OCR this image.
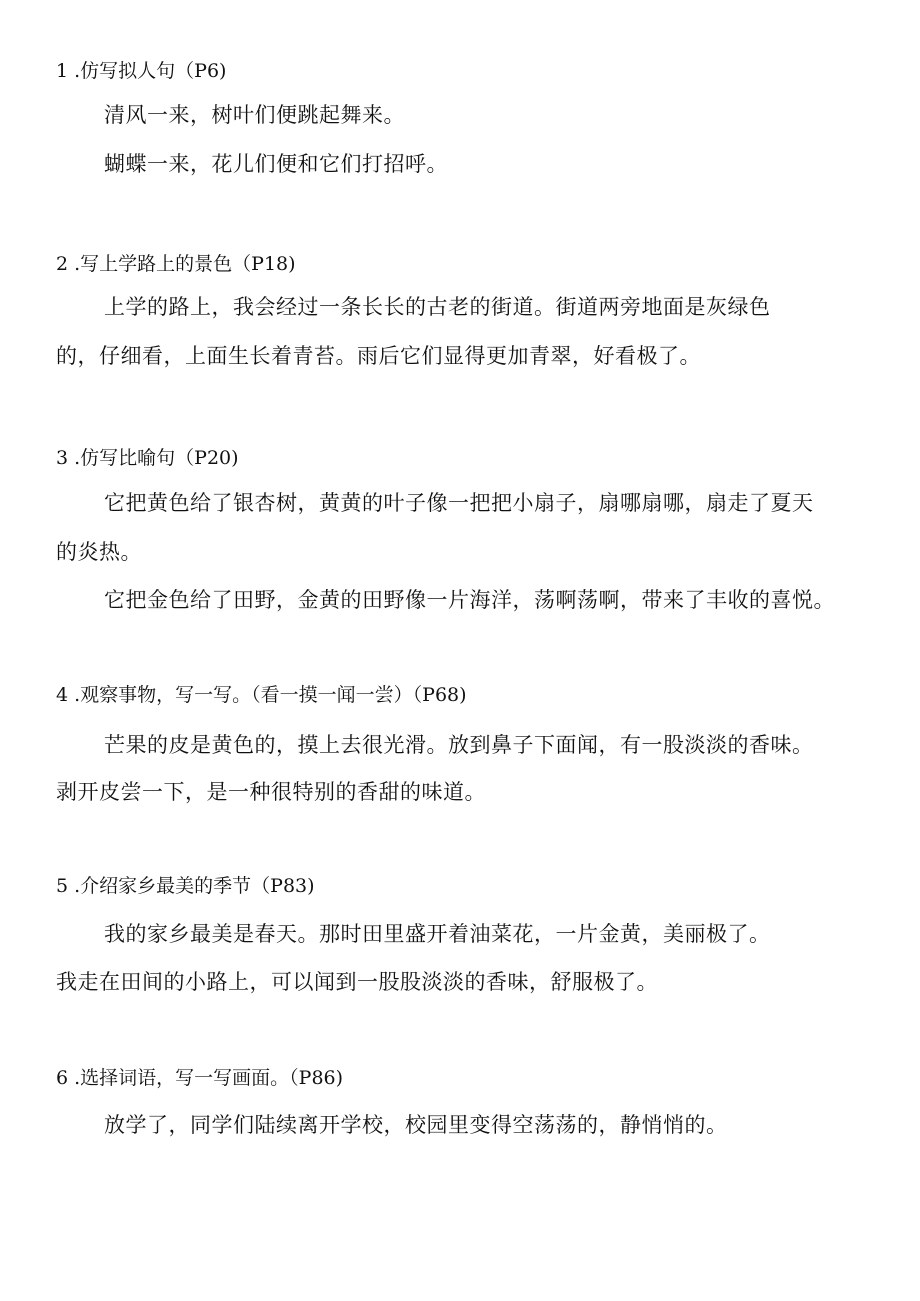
1 .仿写拟人句（P6)
清风一来，树叶们便跳起舞来。
蝴蝶一来，花儿们便和它们打招呼。
2 .写上学路上的景色（P18)
上学的路上，我会经过一条长长的古老的街道。街道两旁地面是灰绿色
的，仔细看，上面生长着青苔。雨后它们显得更加青翠，好看极了。
3 .仿写比喻句（P20)
它把黄色给了银杏树，黄黄的叶子像一把把小扇子，扇哪扇哪，扇走了夏天
的炎热。
它把金色给了田野，金黄的田野像一片海洋，荡啊荡啊，带来了丰收的喜悦。
4 .观察事物，写一写。（看一摸一闻一尝）（P68)
芒果的皮是黄色的，摸上去很光滑。放到鼻子下面闻，有一股淡淡的香味。
剥开皮尝一下，是一种很特别的香甜的味道。
5 .介绍家乡最美的季节（P83)
我的家乡最美是春天。那时田里盛开着油菜花，一片金黄，美丽极了。
我走在田间的小路上，可以闻到一股股淡淡的香味，舒服极了。
6 .选择词语，写一写画面。（P86)
放学了，同学们陆续离开学校，校园里变得空荡荡的，静悄悄的。
